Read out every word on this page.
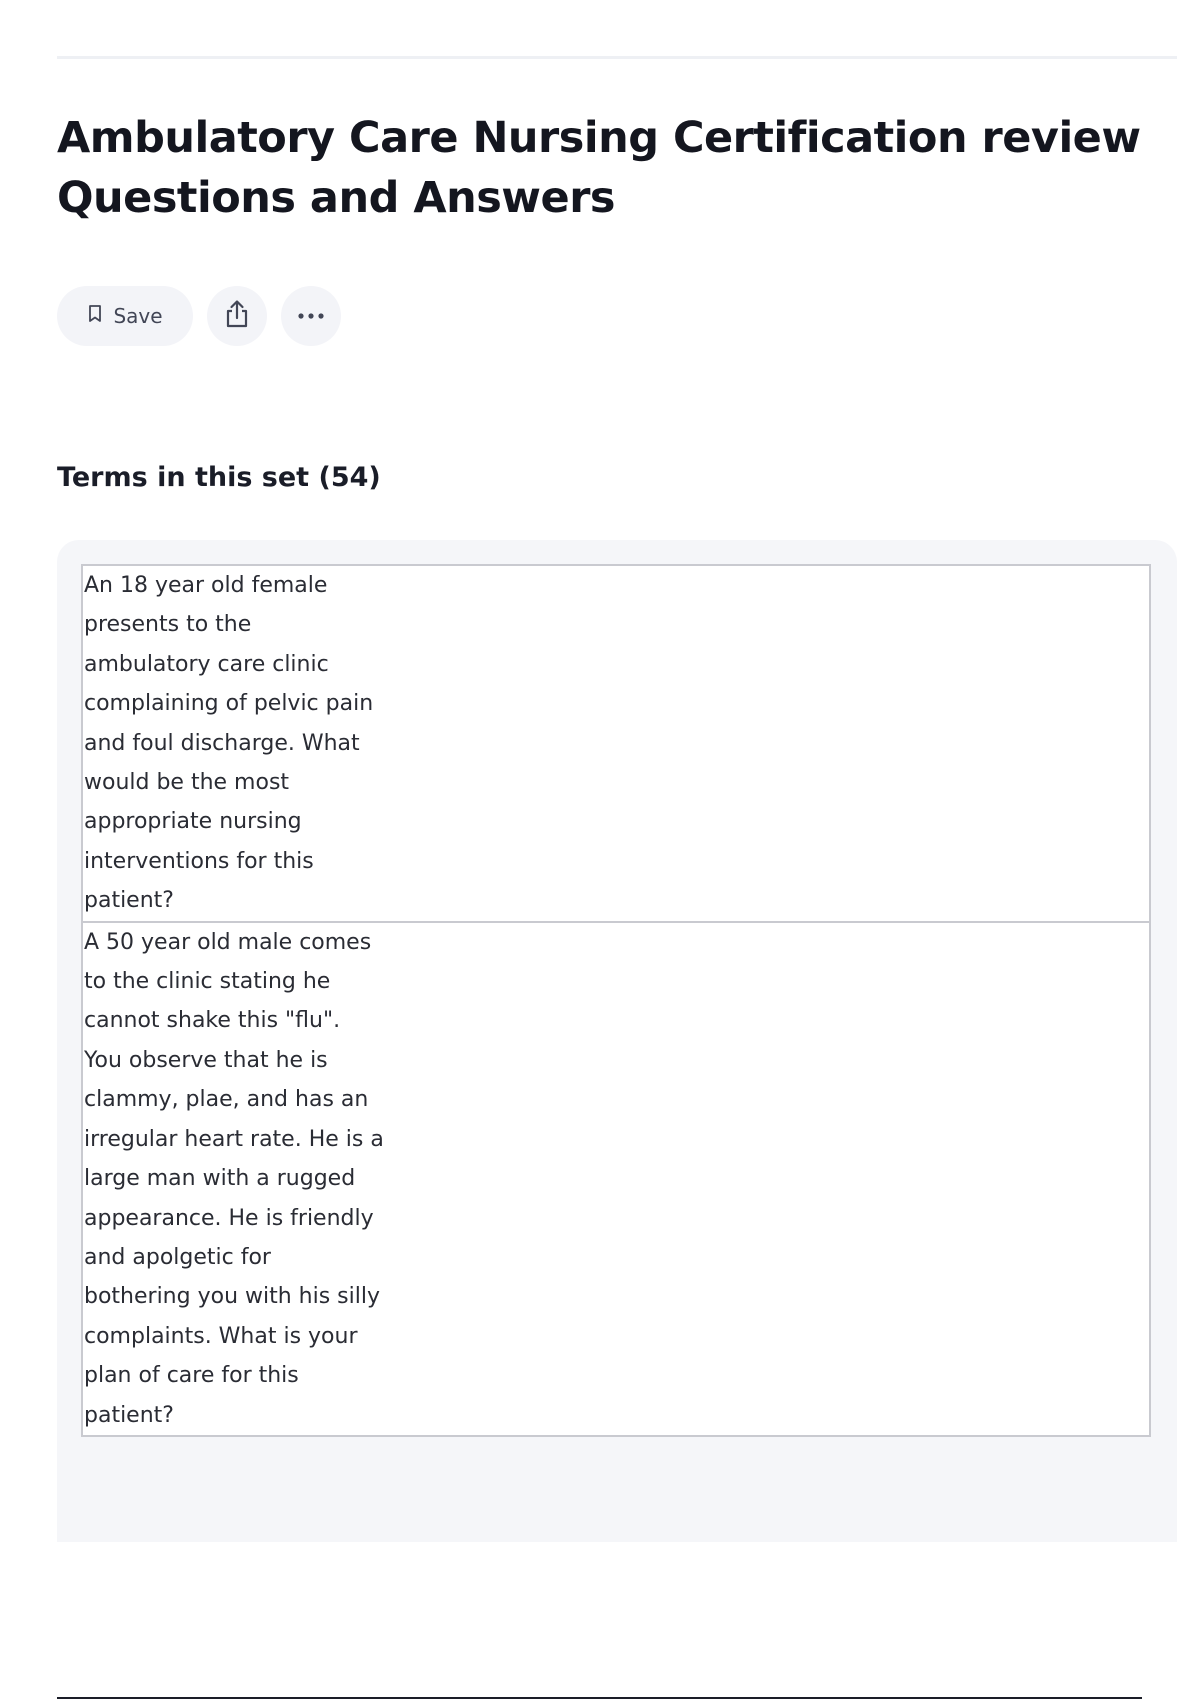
Ambulatory Care Nursing Certification review Questions and Answers
Save
Terms in this set (54)
An 18 year old female presents to the ambulatory care clinic complaining of pelvic pain and foul discharge. What would be the most appropriate nursing interventions for this patient?

A 50 year old male comes to the clinic stating he cannot shake this "flu". You observe that he is clammy, plae, and has an irregular heart rate. He is a large man with a rugged appearance. He is friendly and apolgetic for bothering you with his silly complaints. What is your plan of care for this patient?
